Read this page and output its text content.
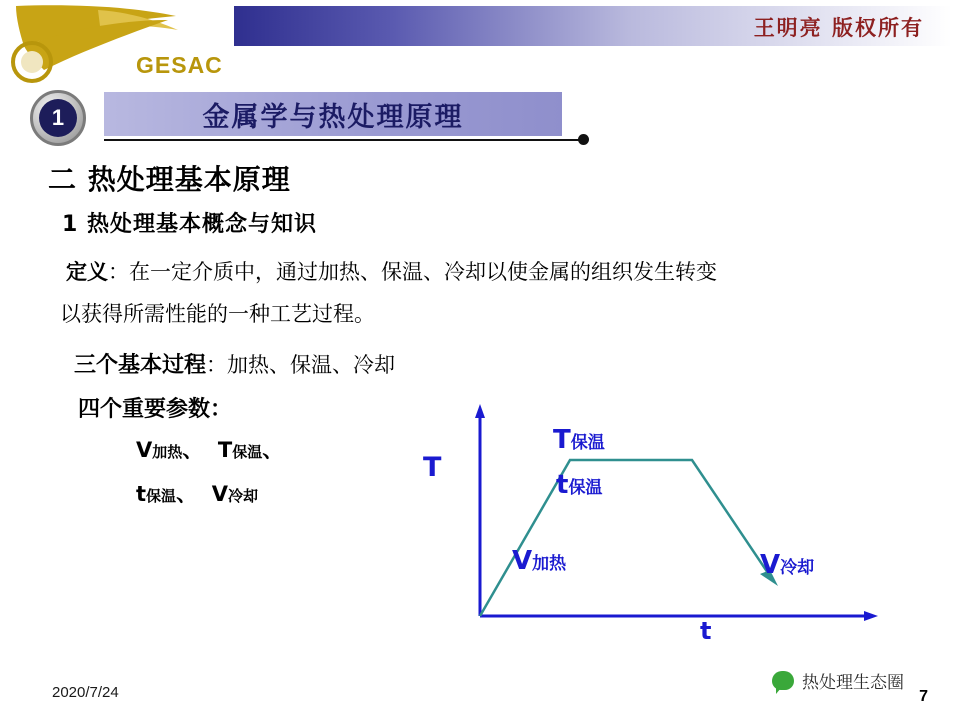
GESAC
王明亮 版权所有
1	金属学与热处理原理
二 热处理基本原理
1 热处理基本概念与知识
定义：在一定介质中，通过加热、保温、冷却以使金属的组织发生转变
以获得所需性能的一种工艺过程。
三个基本过程：加热、保温、冷却
四个重要参数：
V加热、  T保温、
t保温、  V冷却
T
t
T保温
t保温
V加热	V冷却
2020/7/24	热处理生态圈
7
